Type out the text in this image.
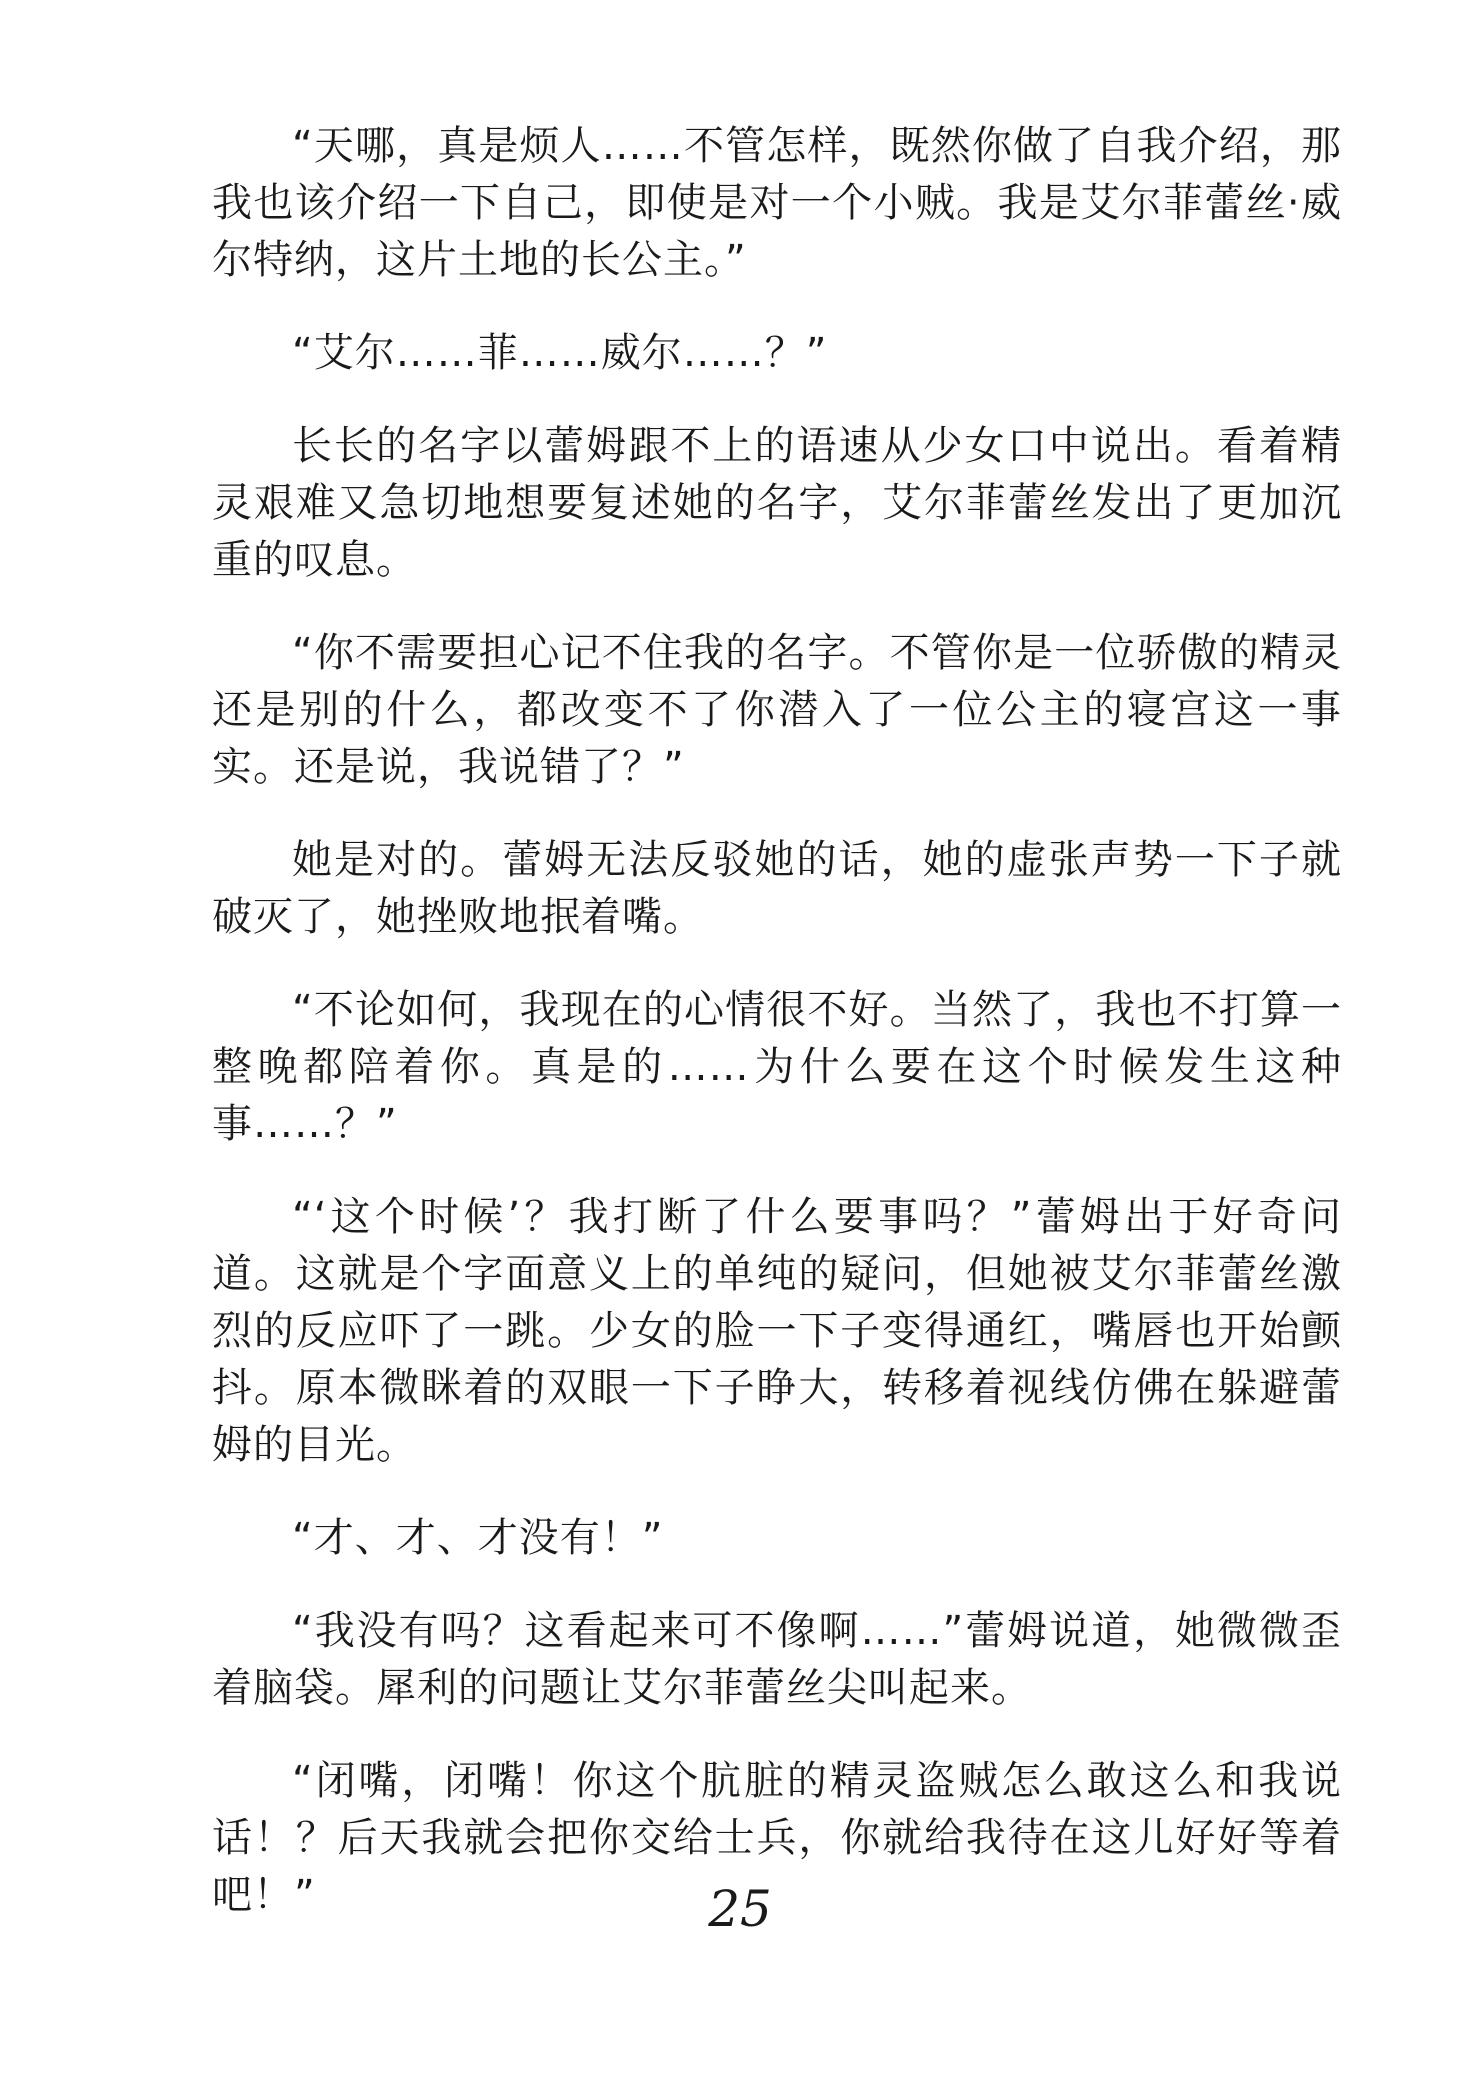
“天哪，真是烦人……不管怎样，既然你做了自我介绍，那我也该介绍一下自己，即使是对一个小贼。我是艾尔菲蕾丝·威尔特纳，这片土地的长公主。”

“艾尔……菲……威尔……？”

长长的名字以蕾姆跟不上的语速从少女口中说出。看着精灵艰难又急切地想要复述她的名字，艾尔菲蕾丝发出了更加沉重的叹息。

“你不需要担心记不住我的名字。不管你是一位骄傲的精灵还是别的什么，都改变不了你潜入了一位公主的寝宫这一事实。还是说，我说错了？”

她是对的。蕾姆无法反驳她的话，她的虚张声势一下子就破灭了，她挫败地抿着嘴。

“不论如何，我现在的心情很不好。当然了，我也不打算一整晚都陪着你。真是的……为什么要在这个时候发生这种事……？”

“‘这个时候’？我打断了什么要事吗？”蕾姆出于好奇问道。这就是个字面意义上的单纯的疑问，但她被艾尔菲蕾丝激烈的反应吓了一跳。少女的脸一下子变得通红，嘴唇也开始颤抖。原本微眯着的双眼一下子睁大，转移着视线仿佛在躲避蕾姆的目光。

“才、才、才没有！”

“我没有吗？这看起来可不像啊……”蕾姆说道，她微微歪着脑袋。犀利的问题让艾尔菲蕾丝尖叫起来。

“闭嘴，闭嘴！你这个肮脏的精灵盗贼怎么敢这么和我说话！？后天我就会把你交给士兵，你就给我待在这儿好好等着吧！”	25
